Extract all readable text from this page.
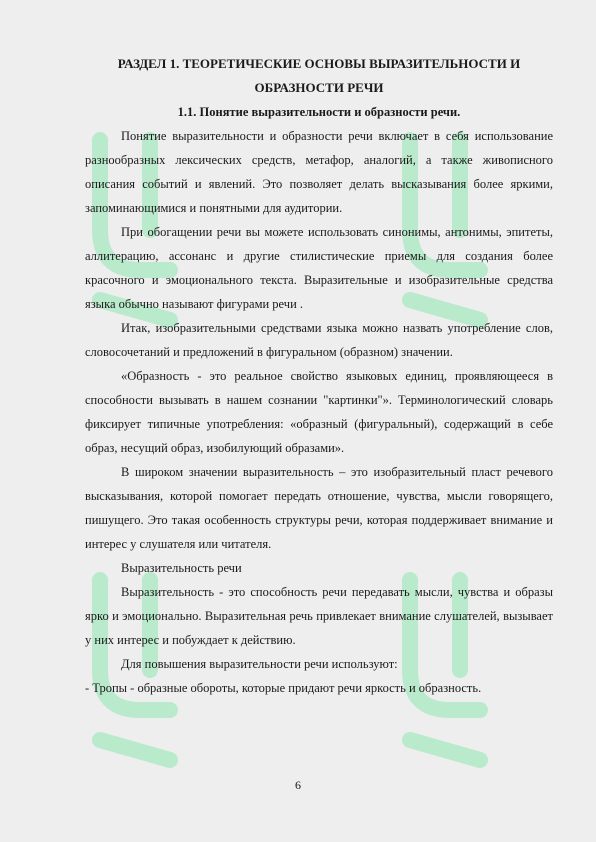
РАЗДЕЛ 1. ТЕОРЕТИЧЕСКИЕ ОСНОВЫ ВЫРАЗИТЕЛЬНОСТИ И ОБРАЗНОСТИ РЕЧИ
1.1. Понятие выразительности и образности речи.

Понятие выразительности и образности речи включает в себя использование разнообразных лексических средств, метафор, аналогий, а также живописного описания событий и явлений. Это позволяет делать высказывания более яркими, запоминающимися и понятными для аудитории.

При обогащении речи вы можете использовать синонимы, антонимы, эпитеты, аллитерацию, ассонанс и другие стилистические приемы для создания более красочного и эмоционального текста. Выразительные и изобразительные средства языка обычно называют фигурами речи .

Итак, изобразительными средствами языка можно назвать употребление слов, словосочетаний и предложений в фигуральном (образном) значении.

«Образность - это реальное свойство языковых единиц, проявляющееся в способности вызывать в нашем сознании "картинки"». Терминологический словарь фиксирует типичные употребления: «образный (фигуральный), содержащий в себе образ, несущий образ, изобилующий образами».

В широком значении выразительность – это изобразительный пласт речевого высказывания, которой помогает передать отношение, чувства, мысли говорящего, пишущего. Это такая особенность структуры речи, которая поддерживает внимание и интерес у слушателя или читателя.

Выразительность речи

Выразительность - это способность речи передавать мысли, чувства и образы ярко и эмоционально. Выразительная речь привлекает внимание слушателей, вызывает у них интерес и побуждает к действию.

Для повышения выразительности речи используют:

- Тропы - образные обороты, которые придают речи яркость и образность.

6
